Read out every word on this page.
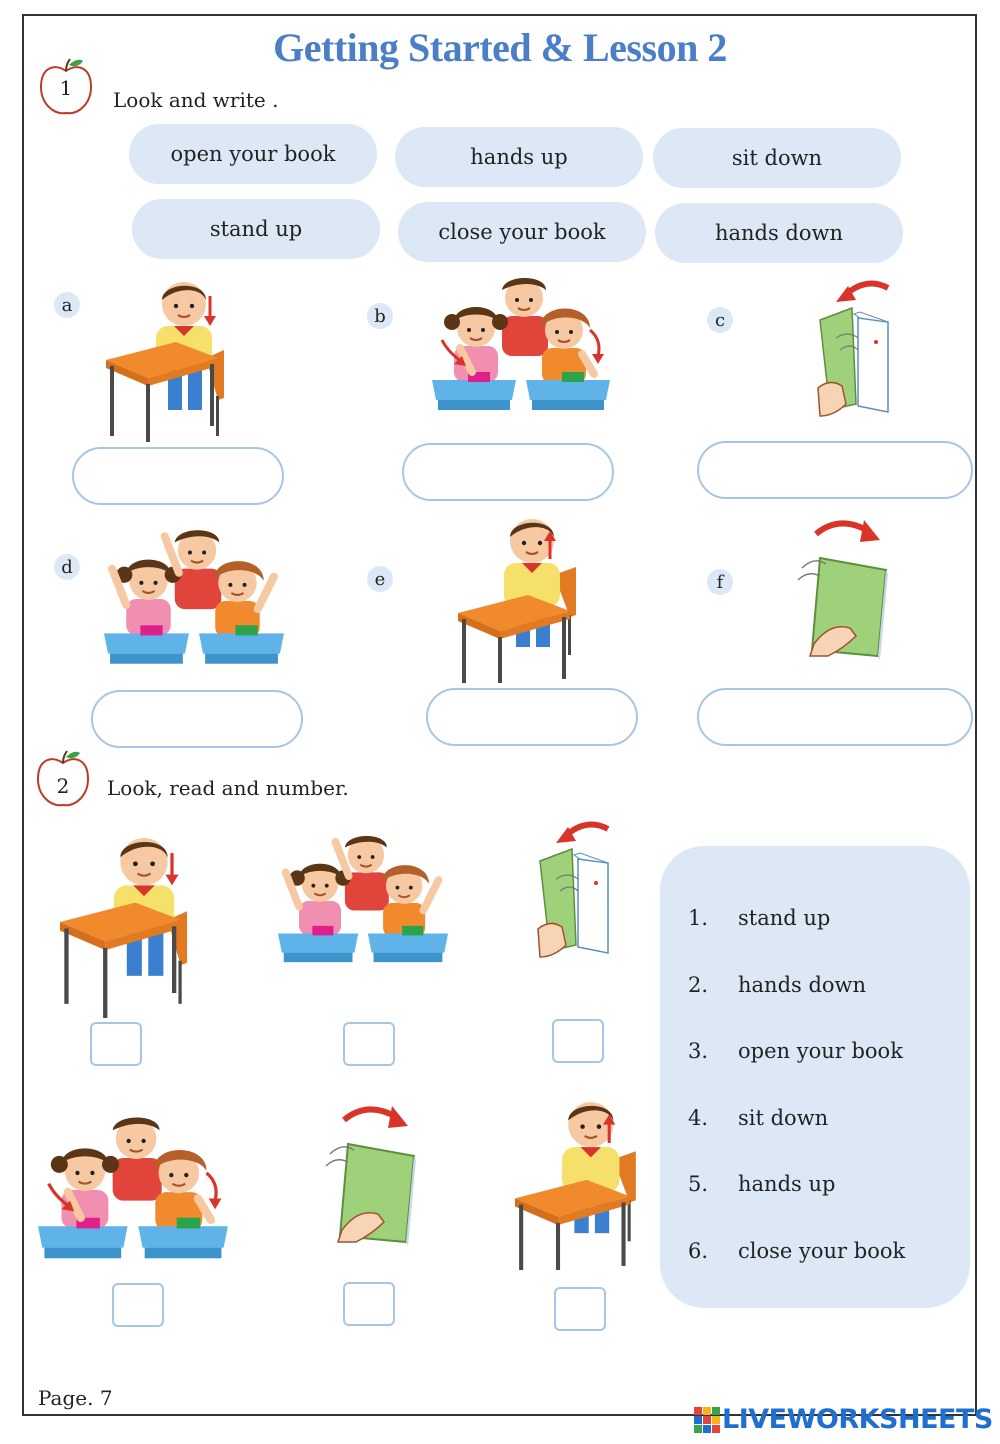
Getting Started & Lesson 2
1	Look and write .
open your book	hands up	sit down
stand up	close your book	hands down
a
b	c
d
e	f
2	Look, read and number.
1.	stand up
2.	hands down
3.	open your book
4.	sit down
5.	hands up
6.	close your book
Page. 7
LIVEWORKSHEETS
